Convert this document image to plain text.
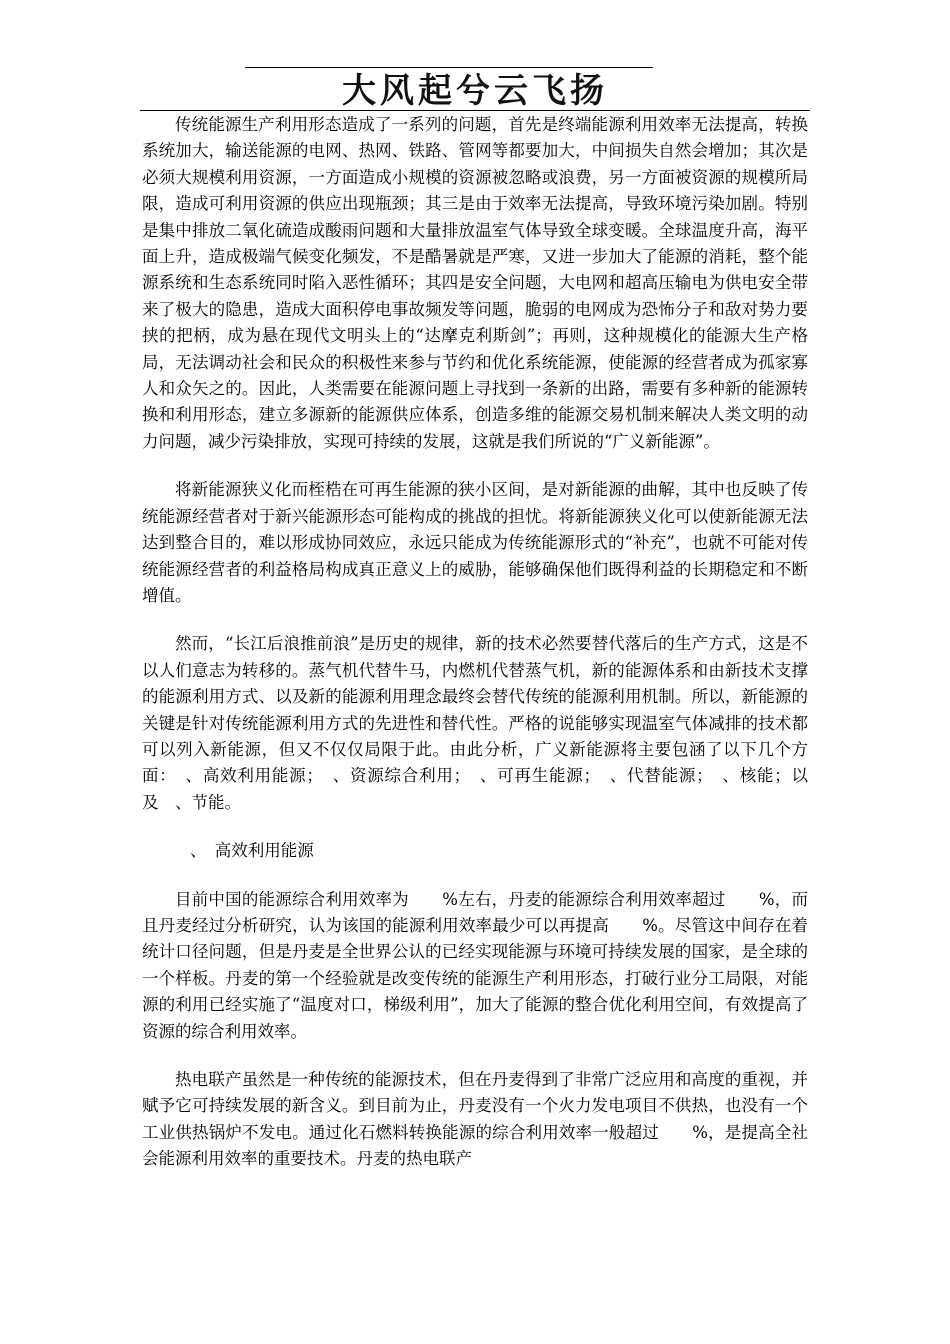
大风起兮云飞扬

传统能源生产利用形态造成了一系列的问题，首先是终端能源利用效率无法提高，转换系统加大，输送能源的电网、热网、铁路、管网等都要加大，中间损失自然会增加；其次是必须大规模利用资源，一方面造成小规模的资源被忽略或浪费，另一方面被资源的规模所局限，造成可利用资源的供应出现瓶颈；其三是由于效率无法提高，导致环境污染加剧。特别是集中排放二氧化硫造成酸雨问题和大量排放温室气体导致全球变暖。全球温度升高，海平面上升，造成极端气候变化频发，不是酷暑就是严寒，又进一步加大了能源的消耗，整个能源系统和生态系统同时陷入恶性循环；其四是安全问题，大电网和超高压输电为供电安全带来了极大的隐患，造成大面积停电事故频发等问题，脆弱的电网成为恐怖分子和敌对势力要挟的把柄，成为悬在现代文明头上的“达摩克利斯剑”；再则，这种规模化的能源大生产格局，无法调动社会和民众的积极性来参与节约和优化系统能源，使能源的经营者成为孤家寡人和众矢之的。因此，人类需要在能源问题上寻找到一条新的出路，需要有多种新的能源转换和利用形态，建立多源新的能源供应体系，创造多维的能源交易机制来解决人类文明的动力问题，减少污染排放，实现可持续的发展，这就是我们所说的“广义新能源”。

将新能源狭义化而桎梏在可再生能源的狭小区间，是对新能源的曲解，其中也反映了传统能源经营者对于新兴能源形态可能构成的挑战的担忧。将新能源狭义化可以使新能源无法达到整合目的，难以形成协同效应，永远只能成为传统能源形式的“补充”，也就不可能对传统能源经营者的利益格局构成真正意义上的威胁，能够确保他们既得利益的长期稳定和不断增值。

然而，“长江后浪推前浪”是历史的规律，新的技术必然要替代落后的生产方式，这是不以人们意志为转移的。蒸气机代替牛马，内燃机代替蒸气机，新的能源体系和由新技术支撑的能源利用方式、以及新的能源利用理念最终会替代传统的能源利用机制。所以，新能源的关键是针对传统能源利用方式的先进性和替代性。严格的说能够实现温室气体减排的技术都可以列入新能源，但又不仅仅局限于此。由此分析，广义新能源将主要包涵了以下几个方面：　、高效利用能源；　、资源综合利用；　、可再生能源；　、代替能源；　、核能；以及　、节能。

、　高效利用能源

目前中国的能源综合利用效率为　　%左右，丹麦的能源综合利用效率超过　　%，而且丹麦经过分析研究，认为该国的能源利用效率最少可以再提高　　%。尽管这中间存在着统计口径问题，但是丹麦是全世界公认的已经实现能源与环境可持续发展的国家，是全球的一个样板。丹麦的第一个经验就是改变传统的能源生产利用形态，打破行业分工局限，对能源的利用已经实施了“温度对口，梯级利用”，加大了能源的整合优化利用空间，有效提高了资源的综合利用效率。

热电联产虽然是一种传统的能源技术，但在丹麦得到了非常广泛应用和高度的重视，并赋予它可持续发展的新含义。到目前为止，丹麦没有一个火力发电项目不供热，也没有一个工业供热锅炉不发电。通过化石燃料转换能源的综合利用效率一般超过　　%，是提高全社会能源利用效率的重要技术。丹麦的热电联产
